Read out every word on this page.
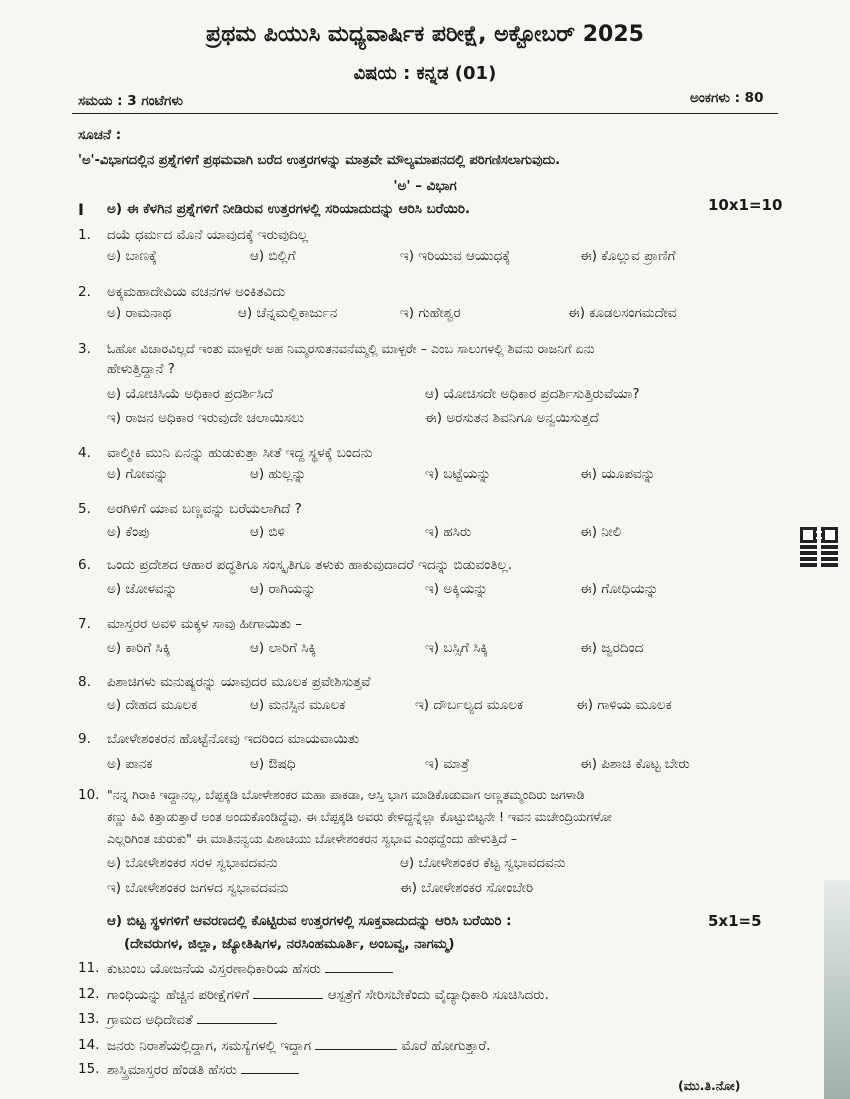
ಪ್ರಥಮ ಪಿಯುಸಿ ಮಧ್ಯವಾರ್ಷಿಕ ಪರೀಕ್ಷೆ, ಅಕ್ಟೋಬರ್ 2025
ವಿಷಯ : ಕನ್ನಡ (01)
ಸಮಯ : 3 ಗಂಟೆಗಳು	ಅಂಕಗಳು : 80
ಸೂಚನೆ :
'ಅ'-ವಿಭಾಗದಲ್ಲಿನ ಪ್ರಶ್ನೆಗಳಿಗೆ ಪ್ರಥಮವಾಗಿ ಬರೆದ ಉತ್ತರಗಳನ್ನು ಮಾತ್ರವೇ ಮೌಲ್ಯಮಾಪನದಲ್ಲಿ ಪರಿಗಣಿಸಲಾಗುವುದು.
'ಅ' – ವಿಭಾಗ
I ಅ) ಈ ಕೆಳಗಿನ ಪ್ರಶ್ನೆಗಳಿಗೆ ನೀಡಿರುವ ಉತ್ತರಗಳಲ್ಲಿ ಸರಿಯಾದುದನ್ನು ಆರಿಸಿ ಬರೆಯಿರಿ.	10x1=10
1. ದಯೆ ಧರ್ಮದ ಮೊನೆ ಯಾವುದಕ್ಕೆ ಇರುವುದಿಲ್ಲ
ಅ) ಬಾಣಕ್ಕೆ	ಆ) ಬಿಲ್ಲಿಗೆ	ಇ) ಇರಿಯುವ ಆಯುಧಕ್ಕೆ	ಈ) ಕೊಲ್ಲುವ ಪ್ರಾಣಿಗೆ
2. ಅಕ್ಕಮಹಾದೇವಿಯ ವಚನಗಳ ಅಂಕಿತವಿದು
ಅ) ರಾಮನಾಥ	ಆ) ಚೆನ್ನಮಲ್ಲಿಕಾರ್ಜುನ	ಇ) ಗುಹೇಶ್ವರ	ಈ) ಕೂಡಲಸಂಗಮದೇವ
3. ಓಹೋ ವಿಚಾರವಿಲ್ಲದೆ ಇಂತು ಮಾಳ್ಪರೇ ಅಹ ನಿಮ್ಮರಸುತನವನೆಮ್ಮಲ್ಲಿ ಮಾಳ್ಪರೇ – ಎಂಬ ಸಾಲುಗಳಲ್ಲಿ ಶಿವನು ರಾಜನಿಗೆ ಏನು
ಹೇಳುತ್ತಿದ್ದಾನೆ ?
ಅ) ಯೋಚಿಸಿಯೆ ಅಧಿಕಾರ ಪ್ರದರ್ಶಿಸಿದೆ	ಆ) ಯೋಚಿಸದೇ ಅಧಿಕಾರ ಪ್ರದರ್ಶಿಸುತ್ತಿರುವೆಯಾ?
ಇ) ರಾಜನ ಅಧಿಕಾರ ಇರುವುದೇ ಚಲಾಯಿಸಲು	ಈ) ಅರಸುತನ ಶಿವನಿಗೂ ಅನ್ವಯಿಸುತ್ತದೆ
4. ವಾಲ್ಮೀಕಿ ಮುನಿ ಏನನ್ನು ಹುಡುಕುತ್ತಾ ಸೀತೆ ಇದ್ದ ಸ್ಥಳಕ್ಕೆ ಬಂದನು
ಅ) ಗೋವನ್ನು	ಆ) ಹುಲ್ಲನ್ನು	ಇ) ಬಟ್ಟೆಯನ್ನು	ಈ) ಯೂಪವನ್ನು
5. ಅರಗಿಳಿಗೆ ಯಾವ ಬಣ್ಣವನ್ನು ಬರೆಯಲಾಗಿದೆ ?
ಅ) ಕೆಂಪು	ಆ) ಬಿಳಿ	ಇ) ಹಸಿರು	ಈ) ನೀಲಿ
6. ಒಂದು ಪ್ರದೇಶದ ಆಹಾರ ಪದ್ಧತಿಗೂ ಸಂಸ್ಕೃತಿಗೂ ತಳುಕು ಹಾಕುವುದಾದರೆ ಇದನ್ನು ಬಿಡುವಂತಿಲ್ಲ.
ಅ) ಜೋಳವನ್ನು	ಆ) ರಾಗಿಯನ್ನು	ಇ) ಅಕ್ಕಿಯನ್ನು	ಈ) ಗೋಧಿಯನ್ನು
7. ಮಾಸ್ತರರ ಅವಳಿ ಮಕ್ಕಳ ಸಾವು ಹೀಗಾಯಿತು –
ಅ) ಕಾರಿಗೆ ಸಿಕ್ಕಿ	ಆ) ಲಾರಿಗೆ ಸಿಕ್ಕಿ	ಇ) ಬಸ್ಸಿಗೆ ಸಿಕ್ಕಿ	ಈ) ಜ್ವರದಿಂದ
8. ಪಿಶಾಚಿಗಳು ಮನುಷ್ಯರನ್ನು ಯಾವುದರ ಮೂಲಕ ಪ್ರವೇಶಿಸುತ್ತವೆ
ಅ) ದೇಹದ ಮೂಲಕ	ಆ) ಮನಸ್ಸಿನ ಮೂಲಕ	ಇ) ದೌರ್ಬಲ್ಯದ ಮೂಲಕ	ಈ) ಗಾಳಿಯ ಮೂಲಕ
9. ಬೋಳೇಶಂಕರನ ಹೊಟ್ಟೆನೋವು ಇದರಿಂದ ಮಾಯವಾಯಿತು
ಅ) ಪಾನಕ	ಆ) ಔಷಧಿ	ಇ) ಮಾತ್ರೆ	ಈ) ಪಿಶಾಚಿ ಕೊಟ್ಟ ಬೇರು
10. "ನನ್ನ ಗಿರಾಕಿ ಇದ್ದಾನಲ್ಲ, ಬೆಪ್ಪಕ್ಕಡಿ ಬೋಳೇಶಂಕರ ಮಹಾ ಪಾಕಡಾ, ಆಸ್ತಿ ಭಾಗ ಮಾಡಿಕೊಡುವಾಗ ಅಣ್ಣತಮ್ಮಂದಿರು ಜಗಳಾಡಿ
ಕಣ್ಣು ಕಿವಿ ಕಿತ್ತಾಡುತ್ತಾರೆ ಅಂತ ಅಂದುಕೊಂಡಿದ್ದೆವು. ಈ ಬೆಪ್ಪಕ್ಕಡಿ ಅವರು ಕೇಳಿದ್ದನ್ನೆಲ್ಲಾ ಕೊಟ್ಟುಬಿಟ್ಟನೇ ! ಇವನ ಮಚೇಂದ್ರಿಯಗಳೋ
ಎಲ್ಲರಿಗಿಂತ ಚುರುಕು" ಈ ಮಾತಿನನ್ವಯ ಪಿಶಾಚಿಯು ಬೋಳೇಶಂಕರನ ಸ್ವಭಾವ ಎಂಥದ್ದೆಂದು ಹೇಳುತ್ತಿದೆ –
ಅ) ಬೋಳೇಶಂಕರ ಸರಳ ಸ್ವಭಾವದವನು	ಆ) ಬೋಳೇಶಂಕರ ಕೆಟ್ಟ ಸ್ವಭಾವದವನು
ಇ) ಬೋಳೇಶಂಕರ ಜಗಳದ ಸ್ವಭಾವದವನು	ಈ) ಬೋಳೇಶಂಕರ ಸೋಂಬೇರಿ
ಆ) ಬಿಟ್ಟ ಸ್ಥಳಗಳಿಗೆ ಆವರಣದಲ್ಲಿ ಕೊಟ್ಟಿರುವ ಉತ್ತರಗಳಲ್ಲಿ ಸೂಕ್ತವಾದುದನ್ನು ಆರಿಸಿ ಬರೆಯಿರಿ :	5x1=5
(ದೇವರುಗಳ, ಜಿಲ್ಲಾ, ಜ್ಯೋತಿಷಿಗಳ, ನರಸಿಂಹಮೂರ್ತಿ, ಅಂಬವ್ವ, ನಾಗಮ್ಮ)
11. ಕುಟುಂಬ ಯೋಜನೆಯ ವಿಸ್ತರಣಾಧಿಕಾರಿಯ ಹೆಸರು
12. ಗಾಂಧಿಯನ್ನು ಹೆಚ್ಚಿನ ಪರೀಕ್ಷೆಗಳಿಗೆ	ಆಸ್ಪತ್ರೆಗೆ ಸೇರಿಸಬೇಕೆಂದು ವೈದ್ಯಾಧಿಕಾರಿ ಸೂಚಿಸಿದರು.
13. ಗ್ರಾಮದ ಅಧಿದೇವತೆ
14. ಜನರು ನಿರಾಶೆಯಲ್ಲಿದ್ದಾಗ, ಸಮಸ್ಯೆಗಳಲ್ಲಿ ಇದ್ದಾಗ	ಮೊರೆ ಹೋಗುತ್ತಾರೆ.
15. ಶಾಸ್ತ್ರಿಮಾಸ್ತರರ ಹೆಂಡತಿ ಹೆಸರು
(ಮು.ತಿ.ನೋ)
